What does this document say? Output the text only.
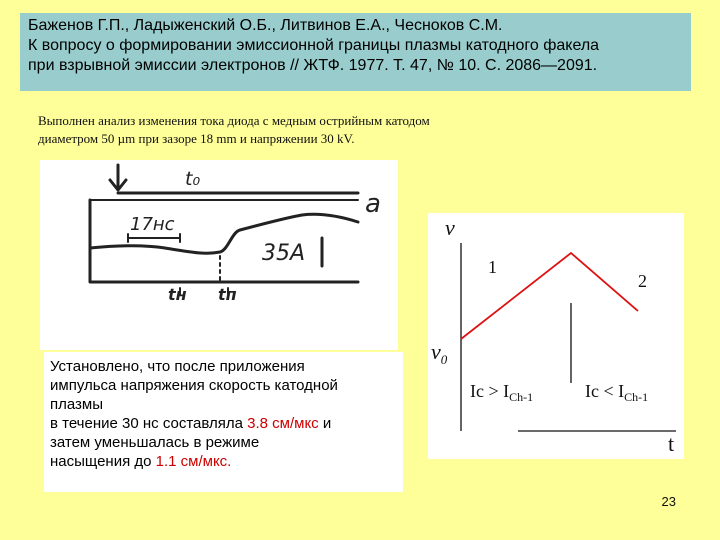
Баженов Г.П., Ладыженский О.Б., Литвинов Е.А., Чесноков С.М.
К вопросу о формировании эмиссионной границы плазмы катодного факела
при взрывной эмиссии электронов // ЖТФ. 1977. Т. 47, № 10. С. 2086—2091.
Выполнен анализ изменения тока диода с медным острийным катодом
диаметром 50 µm при зазоре 18 mm и напряжении 30 kV.
t₀
a
17нс
35А
tн tп
Установлено, что после приложения
импульса напряжения скорость катодной
плазмы
в течение 30 нс составляла 3.8 см/мкс и
затем уменьшалась в режиме
насыщения до 1.1 см/мкс.
v
$v_0$
1
2
t
$Ic > I_{Ch-1}$	$Ic < I_{Ch-1}$
23
